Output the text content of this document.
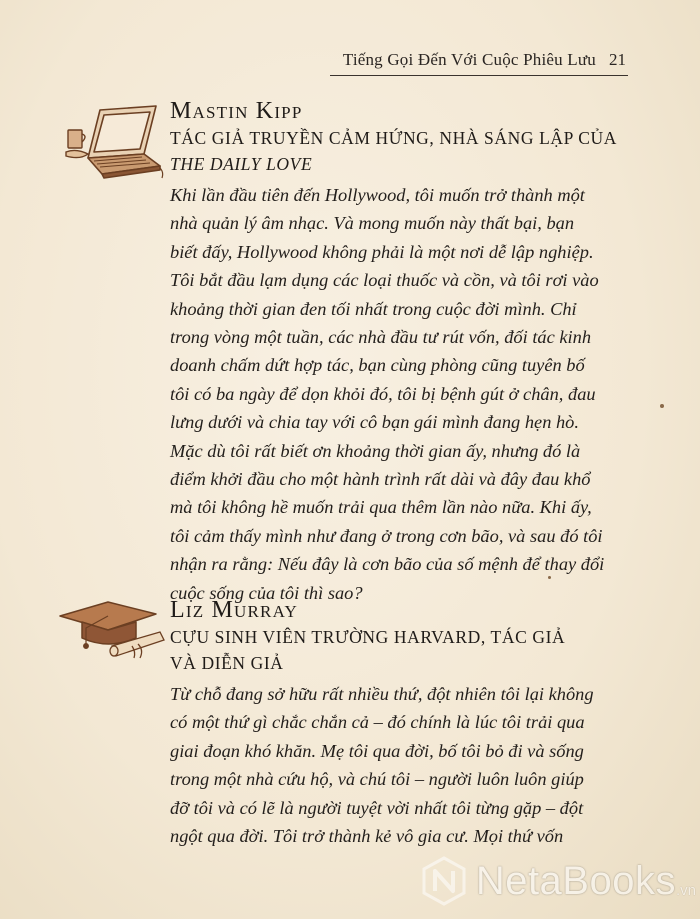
Tiếng Gọi Đến Với Cuộc Phiêu Lưu 21
Mastin Kipp

TÁC GIẢ TRUYỀN CẢM HỨNG, NHÀ SÁNG LẬP CỦA
THE DAILY LOVE

Khi lần đầu tiên đến Hollywood, tôi muốn trở thành một
nhà quản lý âm nhạc. Và mong muốn này thất bại, bạn
biết đấy, Hollywood không phải là một nơi dễ lập nghiệp.
Tôi bắt đầu lạm dụng các loại thuốc và cồn, và tôi rơi vào
khoảng thời gian đen tối nhất trong cuộc đời mình. Chỉ
trong vòng một tuần, các nhà đầu tư rút vốn, đối tác kinh
doanh chấm dứt hợp tác, bạn cùng phòng cũng tuyên bố
tôi có ba ngày để dọn khỏi đó, tôi bị bệnh gút ở chân, đau
lưng dưới và chia tay với cô bạn gái mình đang hẹn hò.
Mặc dù tôi rất biết ơn khoảng thời gian ấy, nhưng đó là
điểm khởi đầu cho một hành trình rất dài và đây đau khổ
mà tôi không hề muốn trải qua thêm lần nào nữa. Khi ấy,
tôi cảm thấy mình như đang ở trong cơn bão, và sau đó tôi
nhận ra rằng: Nếu đây là cơn bão của số mệnh để thay đổi
cuộc sống của tôi thì sao?

Liz Murray

CỰU SINH VIÊN TRƯỜNG HARVARD, TÁC GIẢ
VÀ DIỄN GIẢ

Từ chỗ đang sở hữu rất nhiều thứ, đột nhiên tôi lại không
có một thứ gì chắc chắn cả – đó chính là lúc tôi trải qua
giai đoạn khó khăn. Mẹ tôi qua đời, bố tôi bỏ đi và sống
trong một nhà cứu hộ, và chú tôi – người luôn luôn giúp
đỡ tôi và có lẽ là người tuyệt vời nhất tôi từng gặp – đột
ngột qua đời. Tôi trở thành kẻ vô gia cư. Mọi thứ vốn

NetaBooks .vn
